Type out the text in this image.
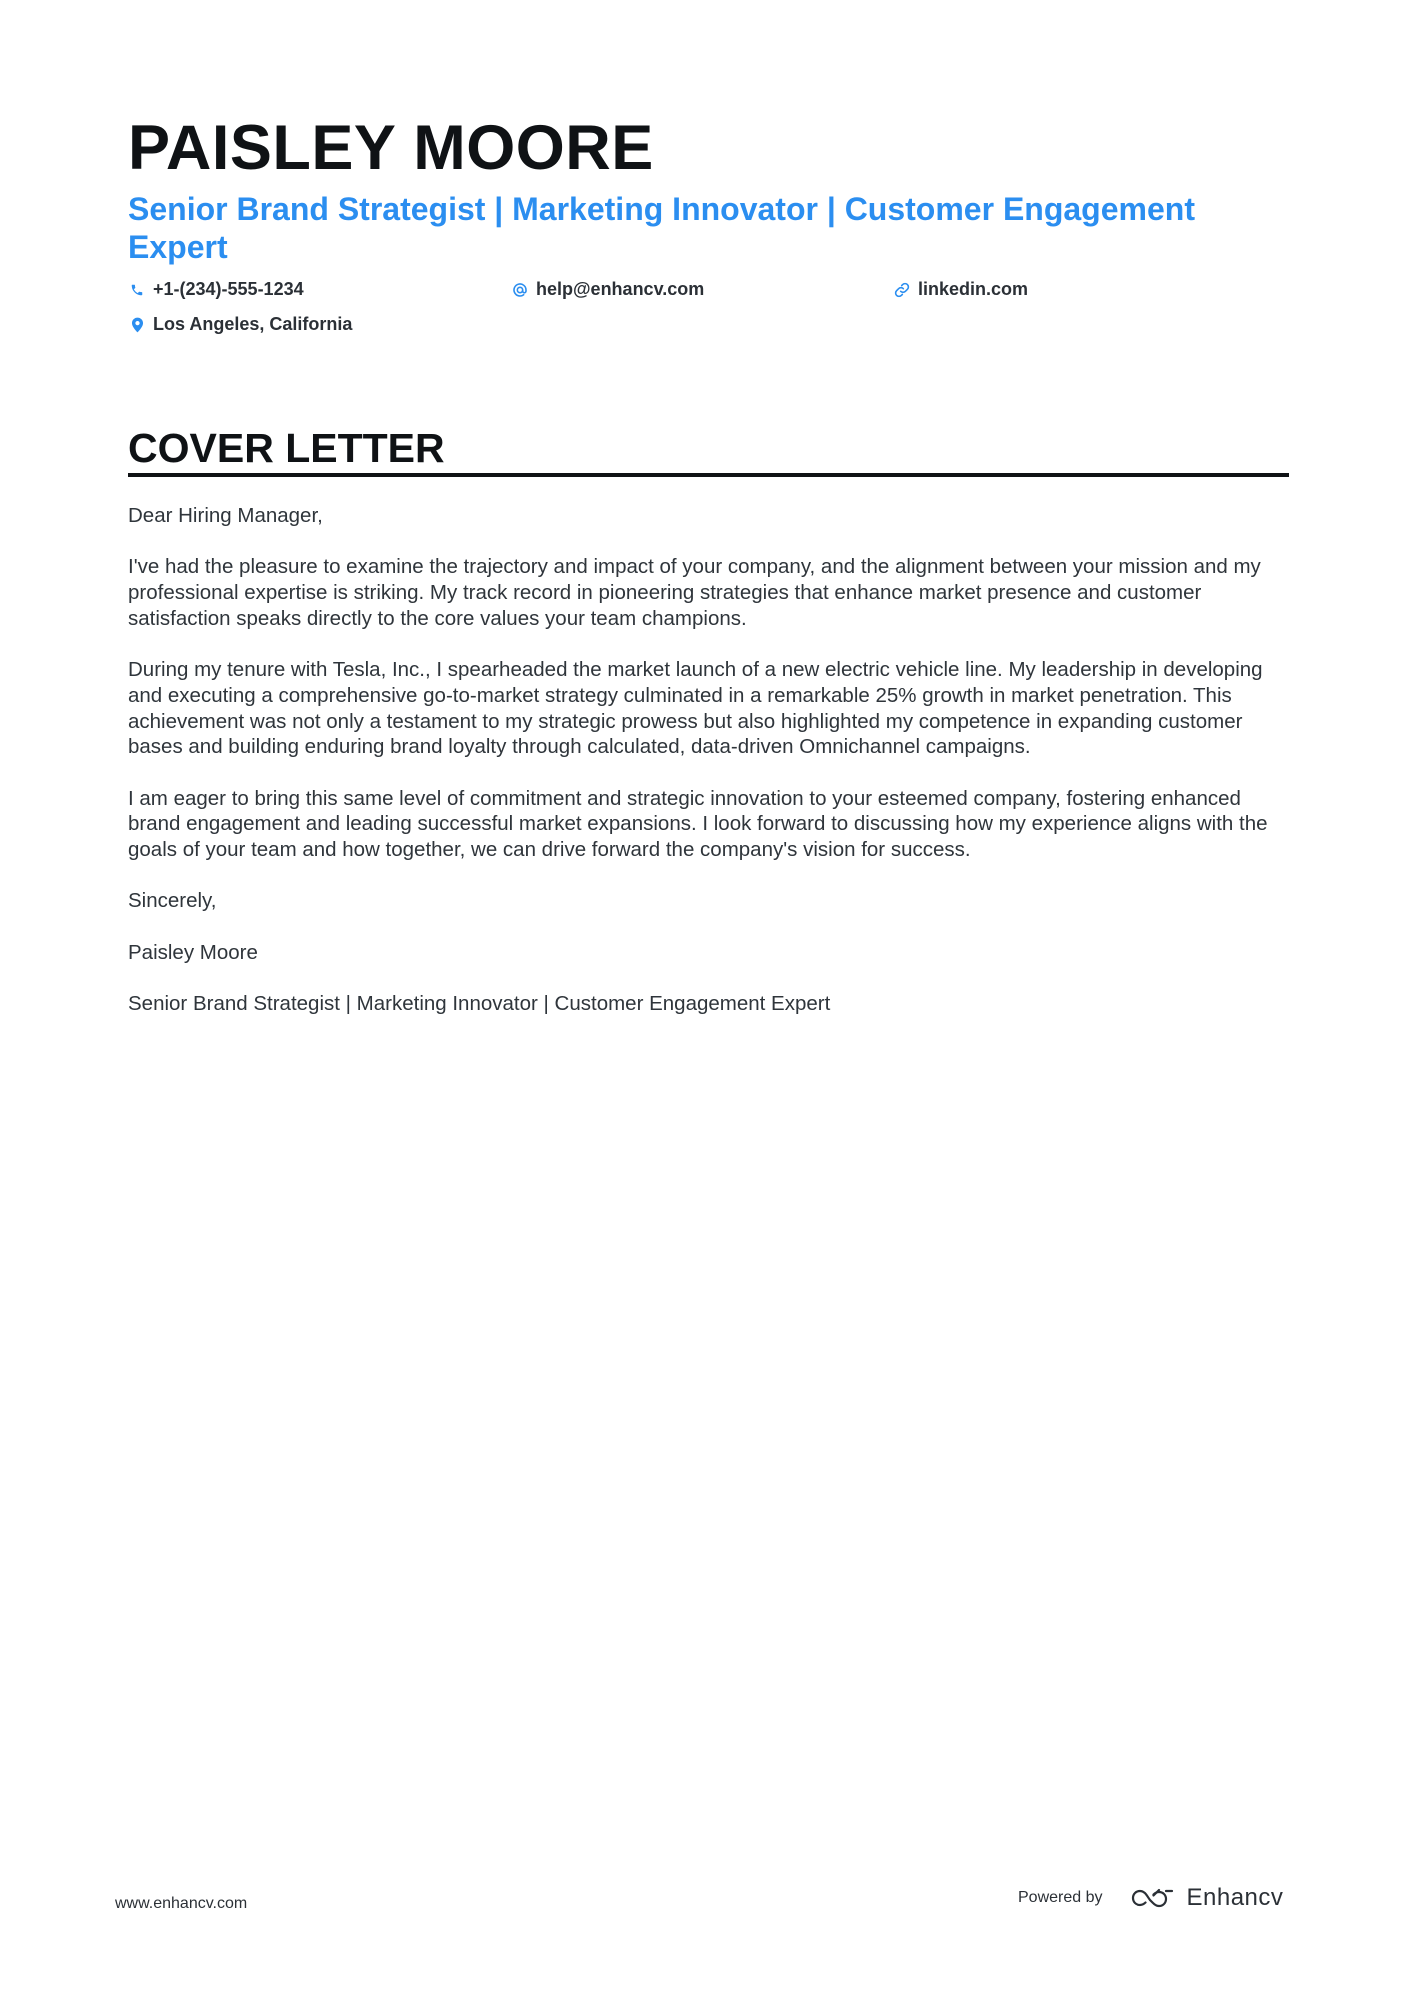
PAISLEY MOORE
Senior Brand Strategist | Marketing Innovator | Customer Engagement Expert
+1-(234)-555-1234	help@enhancv.com	linkedin.com
Los Angeles, California
COVER LETTER

Dear Hiring Manager,

I've had the pleasure to examine the trajectory and impact of your company, and the alignment between your mission and my professional expertise is striking. My track record in pioneering strategies that enhance market presence and customer satisfaction speaks directly to the core values your team champions.

During my tenure with Tesla, Inc., I spearheaded the market launch of a new electric vehicle line. My leadership in developing and executing a comprehensive go-to-market strategy culminated in a remarkable 25% growth in market penetration. This achievement was not only a testament to my strategic prowess but also highlighted my competence in expanding customer bases and building enduring brand loyalty through calculated, data-driven Omnichannel campaigns.

I am eager to bring this same level of commitment and strategic innovation to your esteemed company, fostering enhanced brand engagement and leading successful market expansions. I look forward to discussing how my experience aligns with the goals of your team and how together, we can drive forward the company's vision for success.

Sincerely,

Paisley Moore

Senior Brand Strategist | Marketing Innovator | Customer Engagement Expert

www.enhancv.com	Powered by	Enhancv
